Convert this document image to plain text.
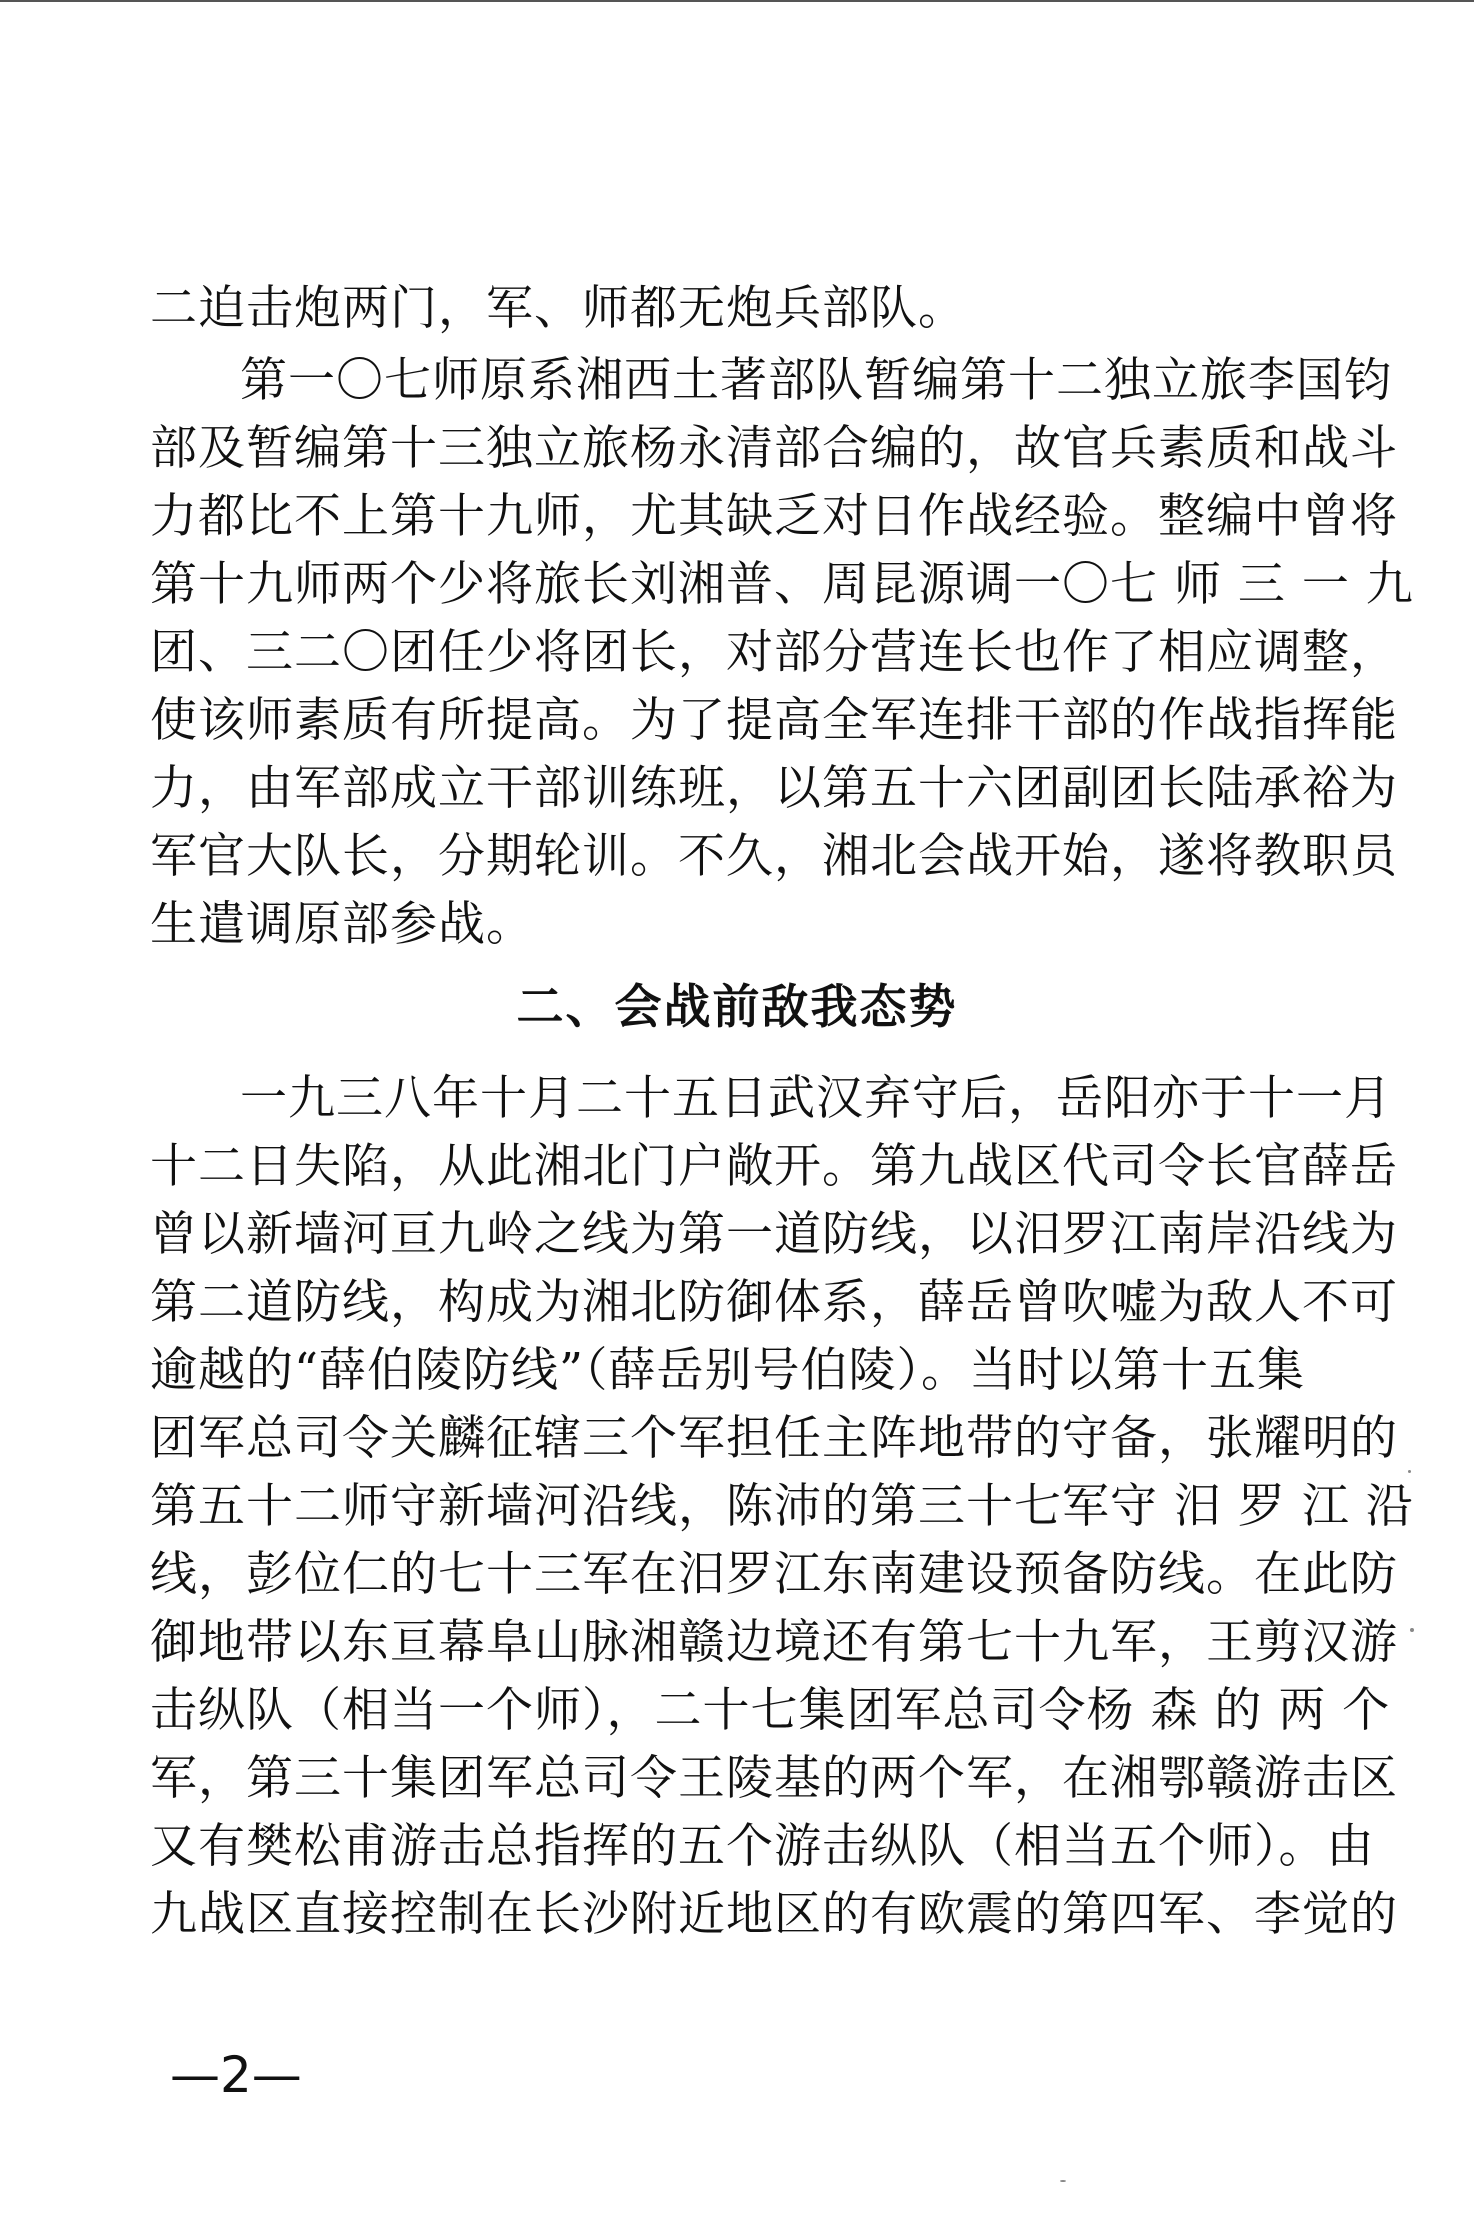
二迫击炮两门，军、师都无炮兵部队。
第一〇七师原系湘西土著部队暂编第十二独立旅李国钧
部及暂编第十三独立旅杨永清部合编的，故官兵素质和战斗
力都比不上第十九师，尤其缺乏对日作战经验。整编中曾将
第十九师两个少将旅长刘湘普、周昆源调一〇七 师 三 一 九
团、三二〇团任少将团长，对部分营连长也作了相应调整，
使该师素质有所提高。为了提高全军连排干部的作战指挥能
力，由军部成立干部训练班，以第五十六团副团长陆承裕为
军官大队长，分期轮训。不久，湘北会战开始，遂将教职员
生遣调原部参战。
二、会战前敌我态势
一九三八年十月二十五日武汉弃守后，岳阳亦于十一月
十二日失陷，从此湘北门户敞开。第九战区代司令长官薛岳
曾以新墙河亘九岭之线为第一道防线，以汨罗江南岸沿线为
第二道防线，构成为湘北防御体系，薛岳曾吹嘘为敌人不可
逾越的“薛伯陵防线”（薛岳别号伯陵）。当时以第十五集
团军总司令关麟征辖三个军担任主阵地带的守备，张耀明的
第五十二师守新墙河沿线，陈沛的第三十七军守 汨 罗 江 沿
线，彭位仁的七十三军在汨罗江东南建设预备防线。在此防
御地带以东亘幕阜山脉湘赣边境还有第七十九军，王剪汉游
击纵队（相当一个师），二十七集团军总司令杨 森 的 两 个
军，第三十集团军总司令王陵基的两个军，在湘鄂赣游击区
又有樊松甫游击总指挥的五个游击纵队（相当五个师）。由
九战区直接控制在长沙附近地区的有欧震的第四军、李觉的
—2—
